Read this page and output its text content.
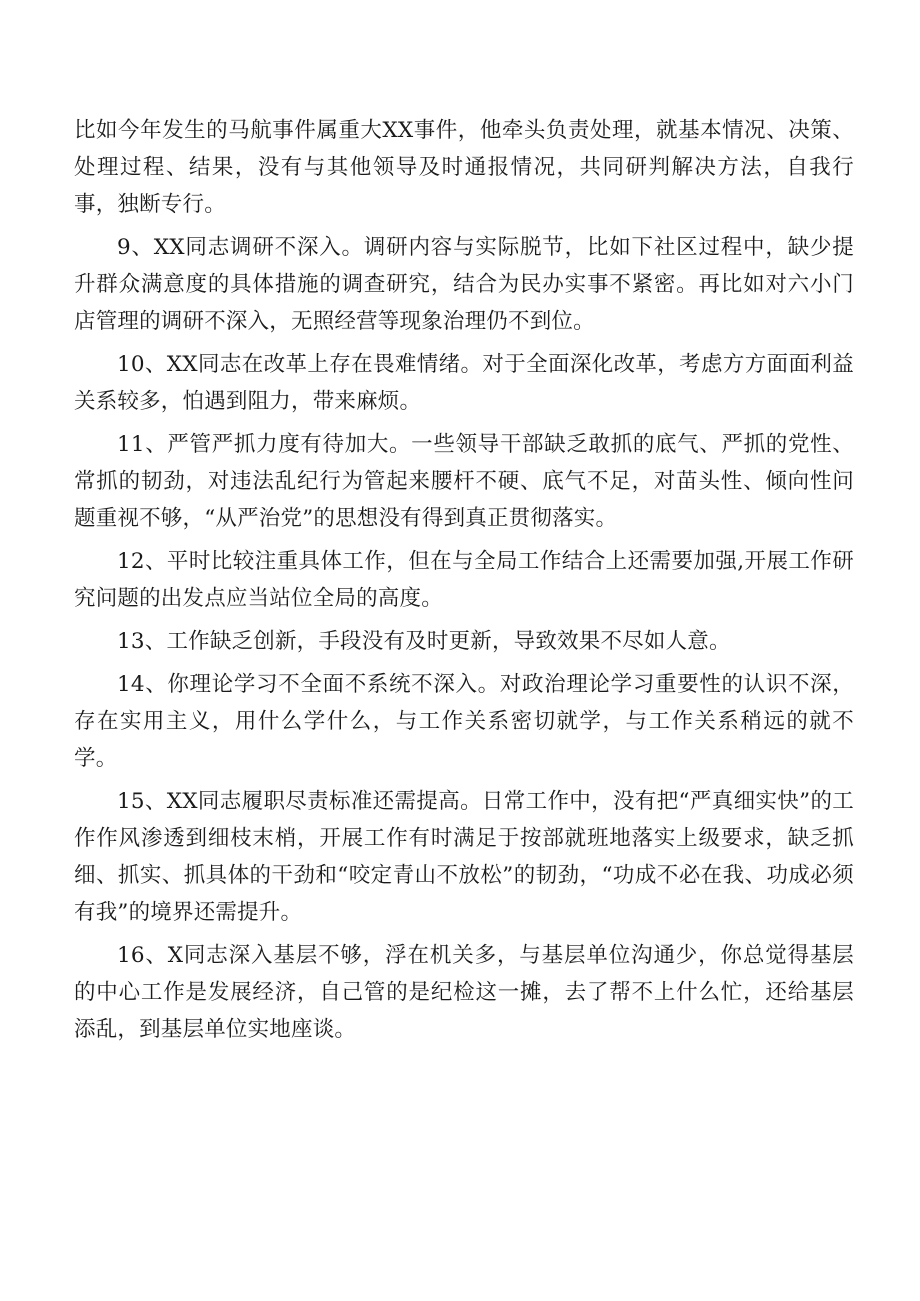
比如今年发生的马航事件属重大XX事件，他牵头负责处理，就基本情况、决策、处理过程、结果，没有与其他领导及时通报情况，共同研判解决方法，自我行事，独断专行。

9、XX同志调研不深入。调研内容与实际脱节，比如下社区过程中，缺少提升群众满意度的具体措施的调查研究，结合为民办实事不紧密。再比如对六小门店管理的调研不深入，无照经营等现象治理仍不到位。

10、XX同志在改革上存在畏难情绪。对于全面深化改革，考虑方方面面利益关系较多，怕遇到阻力，带来麻烦。

11、严管严抓力度有待加大。一些领导干部缺乏敢抓的底气、严抓的党性、常抓的韧劲，对违法乱纪行为管起来腰杆不硬、底气不足，对苗头性、倾向性问题重视不够，“从严治党”的思想没有得到真正贯彻落实。

12、平时比较注重具体工作，但在与全局工作结合上还需要加强,开展工作研究问题的出发点应当站位全局的高度。

13、工作缺乏创新，手段没有及时更新，导致效果不尽如人意。

14、你理论学习不全面不系统不深入。对政治理论学习重要性的认识不深，存在实用主义，用什么学什么，与工作关系密切就学，与工作关系稍远的就不学。

15、XX同志履职尽责标准还需提高。日常工作中，没有把“严真细实快”的工作作风渗透到细枝末梢，开展工作有时满足于按部就班地落实上级要求，缺乏抓细、抓实、抓具体的干劲和“咬定青山不放松”的韧劲，“功成不必在我、功成必须有我”的境界还需提升。

16、X同志深入基层不够，浮在机关多，与基层单位沟通少，你总觉得基层的中心工作是发展经济，自己管的是纪检这一摊，去了帮不上什么忙，还给基层添乱，到基层单位实地座谈。
